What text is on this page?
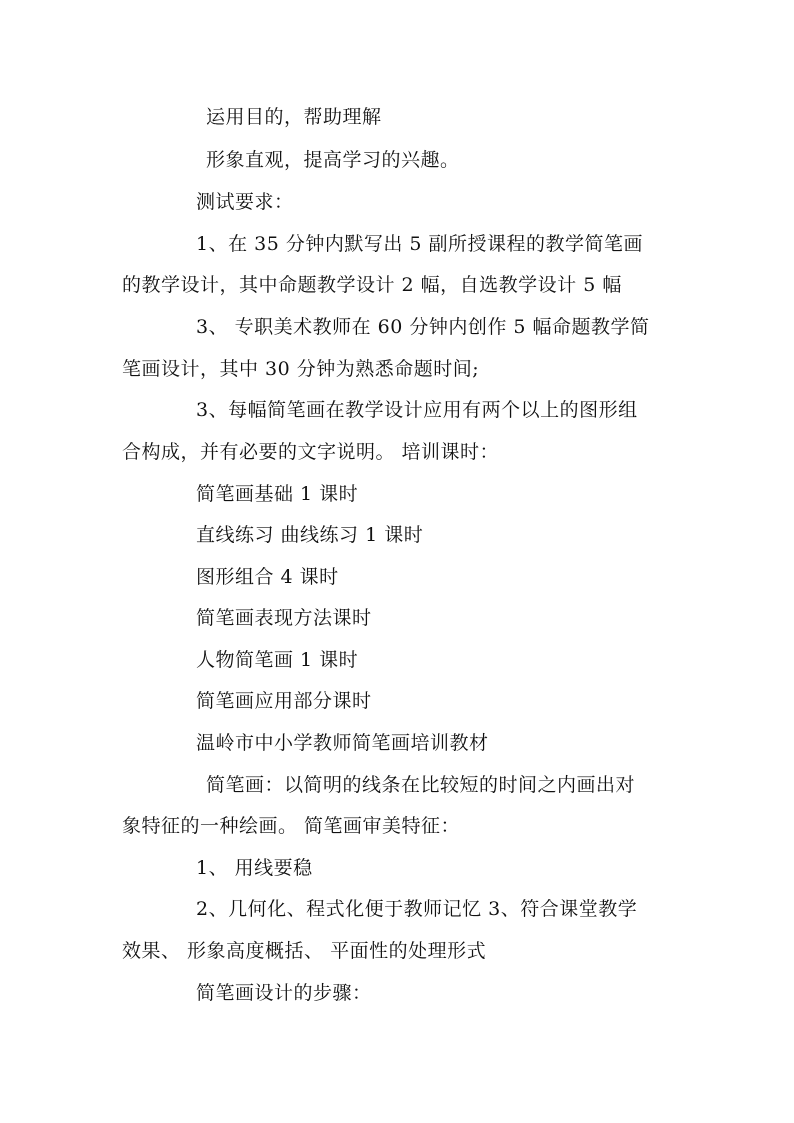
运用目的，帮助理解
形象直观，提高学习的兴趣。
测试要求：
1、在 35 分钟内默写出 5 副所授课程的教学简笔画
的教学设计，其中命题教学设计 2 幅，自选教学设计 5 幅
3、 专职美术教师在 60 分钟内创作 5 幅命题教学简
笔画设计，其中 30 分钟为熟悉命题时间;
3、每幅简笔画在教学设计应用有两个以上的图形组
合构成，并有必要的文字说明。 培训课时：
简笔画基础 1 课时
直线练习 曲线练习 1 课时
图形组合 4 课时
简笔画表现方法课时
人物简笔画 1 课时
简笔画应用部分课时
温岭市中小学教师简笔画培训教材
简笔画：以简明的线条在比较短的时间之内画出对
象特征的一种绘画。 简笔画审美特征：
1、 用线要稳
2、几何化、程式化便于教师记忆 3、符合课堂教学
效果、 形象高度概括、 平面性的处理形式
简笔画设计的步骤：
